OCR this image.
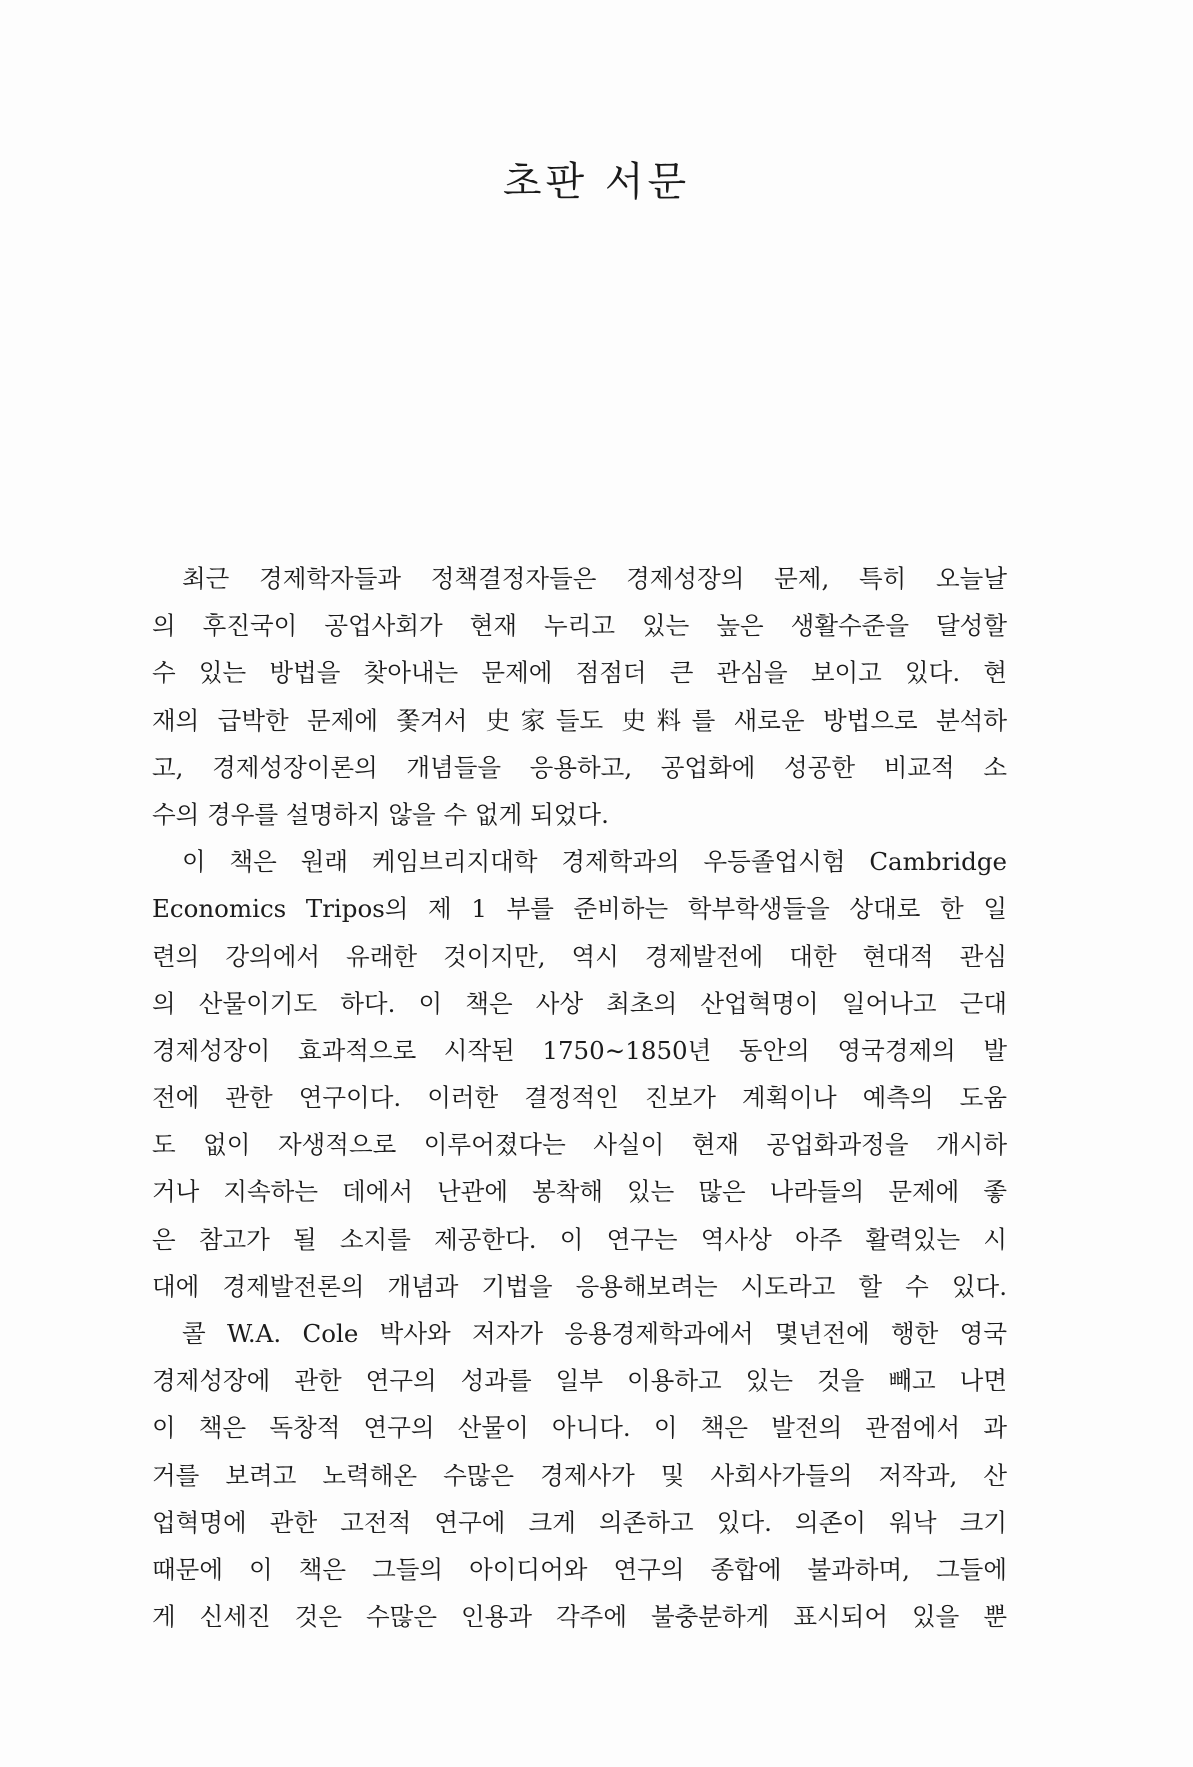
초판 서문
최근 경제학자들과 정책결정자들은 경제성장의 문제, 특히 오늘날
의 후진국이 공업사회가 현재 누리고 있는 높은 생활수준을 달성할
수 있는 방법을 찾아내는 문제에 점점더 큰 관심을 보이고 있다. 현
재의 급박한 문제에 쫓겨서 史家들도 史料를 새로운 방법으로 분석하
고, 경제성장이론의 개념들을 응용하고, 공업화에 성공한 비교적 소
수의 경우를 설명하지 않을 수 없게 되었다.
이 책은 원래 케임브리지대학 경제학과의 우등졸업시험 Cambridge
Economics Tripos의 제 1 부를 준비하는 학부학생들을 상대로 한 일
련의 강의에서 유래한 것이지만, 역시 경제발전에 대한 현대적 관심
의 산물이기도 하다. 이 책은 사상 최초의 산업혁명이 일어나고 근대
경제성장이 효과적으로 시작된 1750∼1850년 동안의 영국경제의 발
전에 관한 연구이다. 이러한 결정적인 진보가 계획이나 예측의 도움
도 없이 자생적으로 이루어졌다는 사실이 현재 공업화과정을 개시하
거나 지속하는 데에서 난관에 봉착해 있는 많은 나라들의 문제에 좋
은 참고가 될 소지를 제공한다. 이 연구는 역사상 아주 활력있는 시
대에 경제발전론의 개념과 기법을 응용해보려는 시도라고 할 수 있다.
콜 W.A. Cole 박사와 저자가 응용경제학과에서 몇년전에 행한 영국
경제성장에 관한 연구의 성과를 일부 이용하고 있는 것을 빼고 나면
이 책은 독창적 연구의 산물이 아니다. 이 책은 발전의 관점에서 과
거를 보려고 노력해온 수많은 경제사가 및 사회사가들의 저작과, 산
업혁명에 관한 고전적 연구에 크게 의존하고 있다. 의존이 워낙 크기
때문에 이 책은 그들의 아이디어와 연구의 종합에 불과하며, 그들에
게 신세진 것은 수많은 인용과 각주에 불충분하게 표시되어 있을 뿐
